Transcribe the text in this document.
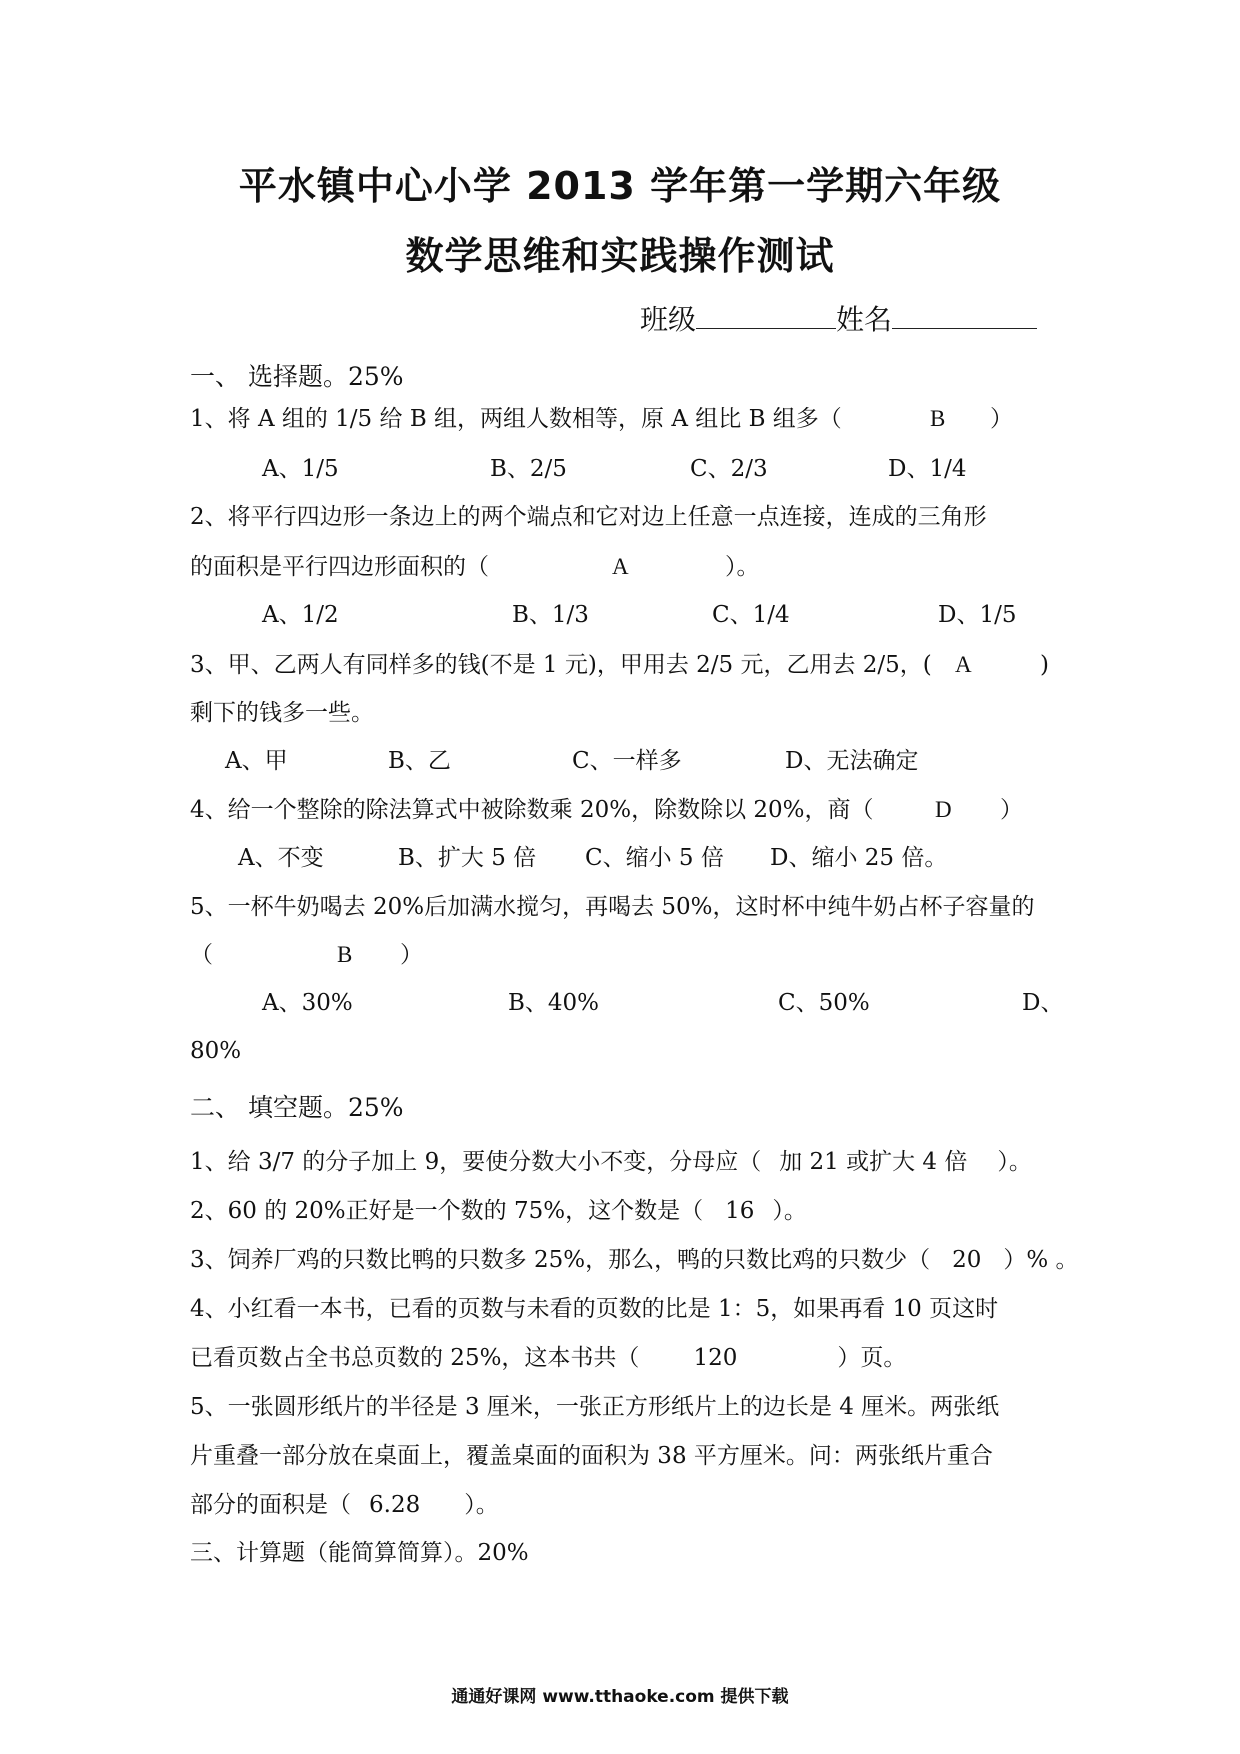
平水镇中心小学 2013 学年第一学期六年级
数学思维和实践操作测试
班级	姓名
一、 选择题。25%
1、将 A 组的 1/5 给 B 组，两组人数相等，原 A 组比 B 组多（	B ）
A、1/5	B、2/5	C、2/3	D、1/4
2、将平行四边形一条边上的两个端点和它对边上任意一点连接，连成的三角形
的面积是平行四边形面积的（	A	）。
A、1/2	B、1/3	C、1/4	D、1/5
3、甲、乙两人有同样多的钱(不是 1 元)，甲用去 2/5 元，乙用去 2/5，( A	)
剩下的钱多一些。
A、甲	B、乙	C、一样多	D、无法确定
4、给一个整除的除法算式中被除数乘 20%，除数除以 20%，商（	D ）
A、不变	B、扩大 5 倍 C、缩小 5 倍 D、缩小 25 倍。
5、一杯牛奶喝去 20%后加满水搅匀，再喝去 50%，这时杯中纯牛奶占杯子容量的
（	B ）
A、30%	B、40%	C、50%	D、
80%
二、 填空题。25%
1、给 3/7 的分子加上 9，要使分数大小不变，分母应（ 加 21 或扩大 4 倍 ）。
2、60 的 20%正好是一个数的 75%，这个数是（ 16 ）。
3、饲养厂鸡的只数比鸭的只数多 25%，那么，鸭的只数比鸡的只数少（ 20 ）% 。
4、小红看一本书，已看的页数与未看的页数的比是 1：5，如果再看 10 页这时
已看页数占全书总页数的 25%，这本书共（ 120	）页。
5、一张圆形纸片的半径是 3 厘米，一张正方形纸片上的边长是 4 厘米。两张纸
片重叠一部分放在桌面上，覆盖桌面的面积为 38 平方厘米。问：两张纸片重合
部分的面积是（ 6.28 ）。
三、计算题（能简算简算）。20%
通通好课网 www.tthaoke.com 提供下载
